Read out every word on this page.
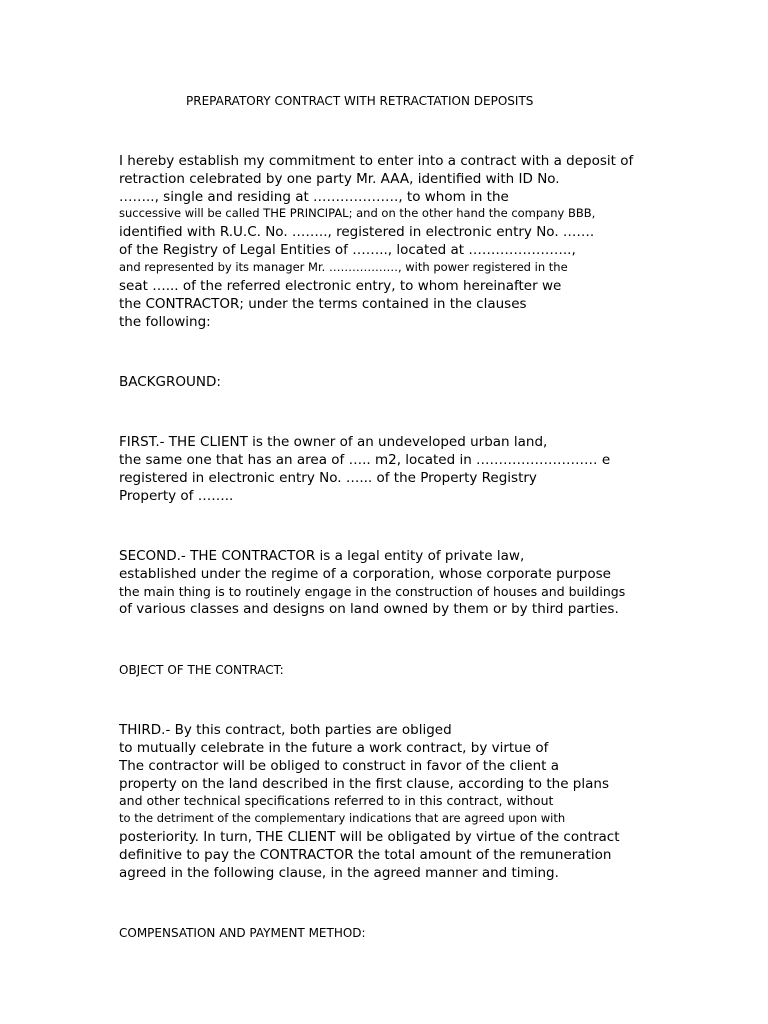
PREPARATORY CONTRACT WITH RETRACTATION DEPOSITS
I hereby establish my commitment to enter into a contract with a deposit of
retraction celebrated by one party Mr. AAA, identified with ID No.
…….., single and residing at ………………., to whom in the
successive will be called THE PRINCIPAL; and on the other hand the company BBB,
identified with R.U.C. No. …….., registered in electronic entry No. …….
of the Registry of Legal Entities of …….., located at …………………..,
and represented by its manager Mr. ………………, with power registered in the
seat …... of the referred electronic entry, to whom hereinafter we
the CONTRACTOR; under the terms contained in the clauses
the following:
BACKGROUND:
FIRST.- THE CLIENT is the owner of an undeveloped urban land,
the same one that has an area of ….. m2, located in ……………………… e
registered in electronic entry No. …... of the Property Registry
Property of ……..
SECOND.- THE CONTRACTOR is a legal entity of private law,
established under the regime of a corporation, whose corporate purpose
the main thing is to routinely engage in the construction of houses and buildings
of various classes and designs on land owned by them or by third parties.
OBJECT OF THE CONTRACT:
THIRD.- By this contract, both parties are obliged
to mutually celebrate in the future a work contract, by virtue of
The contractor will be obliged to construct in favor of the client a
property on the land described in the first clause, according to the plans
and other technical specifications referred to in this contract, without
to the detriment of the complementary indications that are agreed upon with
posteriority. In turn, THE CLIENT will be obligated by virtue of the contract
definitive to pay the CONTRACTOR the total amount of the remuneration
agreed in the following clause, in the agreed manner and timing.
COMPENSATION AND PAYMENT METHOD:
